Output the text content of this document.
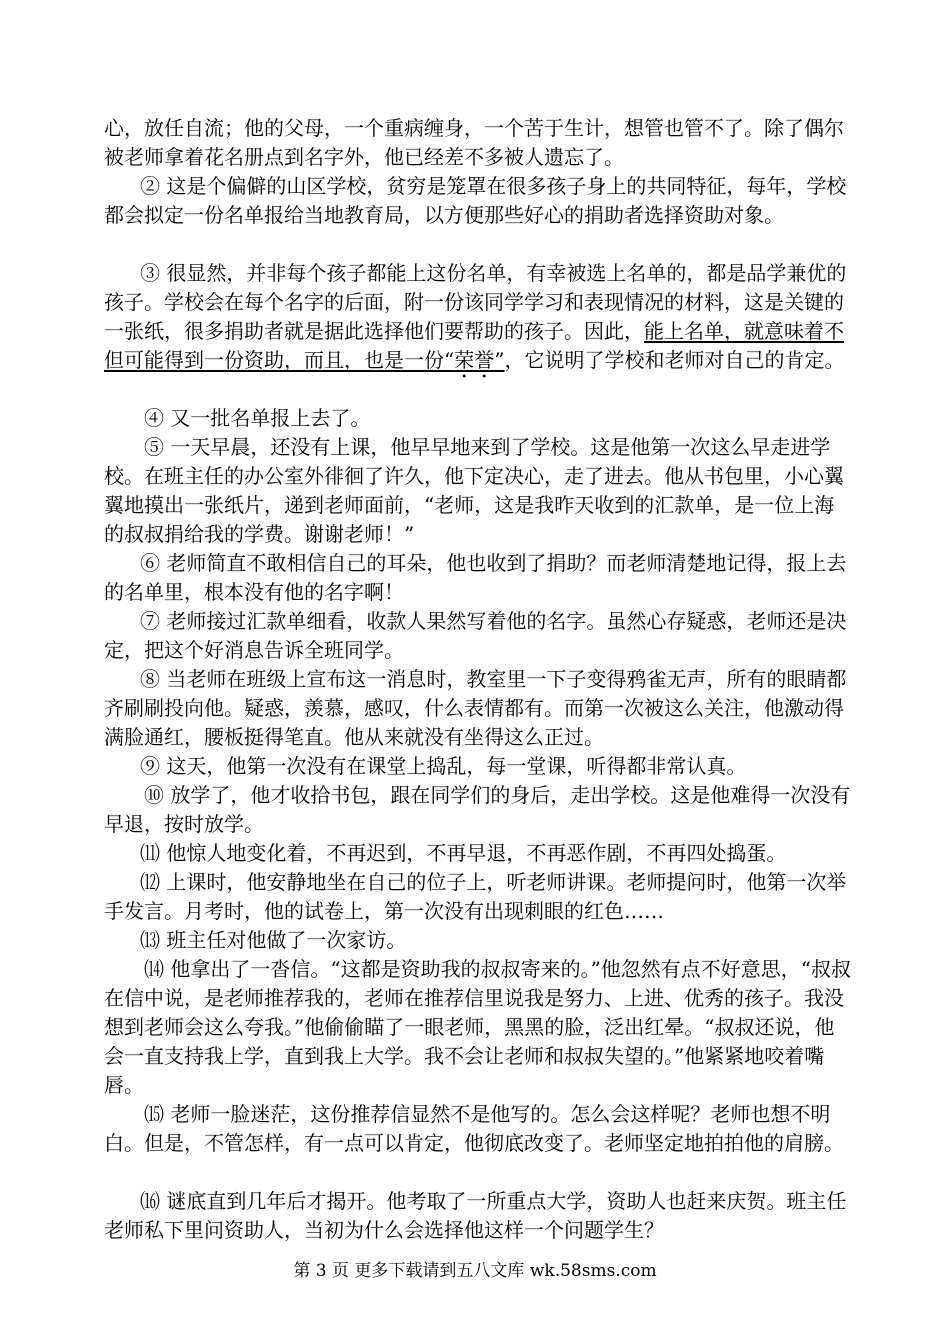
心，放任自流；他的父母，一个重病缠身，一个苦于生计，想管也管不了。除了偶尔被老师拿着花名册点到名字外，他已经差不多被人遗忘了。

② 这是个偏僻的山区学校，贫穷是笼罩在很多孩子身上的共同特征，每年，学校都会拟定一份名单报给当地教育局，以方便那些好心的捐助者选择资助对象。

③ 很显然，并非每个孩子都能上这份名单，有幸被选上名单的，都是品学兼优的孩子。学校会在每个名字的后面，附一份该同学学习和表现情况的材料，这是关键的一张纸，很多捐助者就是据此选择他们要帮助的孩子。因此，能上名单，就意味着不但可能得到一份资助，而且，也是一份“荣誉”，它说明了学校和老师对自己的肯定。

④ 又一批名单报上去了。

⑤ 一天早晨，还没有上课，他早早地来到了学校。这是他第一次这么早走进学校。在班主任的办公室外徘徊了许久，他下定决心，走了进去。他从书包里，小心翼翼地摸出一张纸片，递到老师面前，“老师，这是我昨天收到的汇款单，是一位上海的叔叔捐给我的学费。谢谢老师！”

⑥ 老师简直不敢相信自己的耳朵，他也收到了捐助？而老师清楚地记得，报上去的名单里，根本没有他的名字啊！

⑦ 老师接过汇款单细看，收款人果然写着他的名字。虽然心存疑惑，老师还是决定，把这个好消息告诉全班同学。

⑧ 当老师在班级上宣布这一消息时，教室里一下子变得鸦雀无声，所有的眼睛都齐刷刷投向他。疑惑，羡慕，感叹，什么表情都有。而第一次被这么关注，他激动得满脸通红，腰板挺得笔直。他从来就没有坐得这么正过。

⑨ 这天，他第一次没有在课堂上捣乱，每一堂课，听得都非常认真。

⑩ 放学了，他才收拾书包，跟在同学们的身后，走出学校。这是他难得一次没有早退，按时放学。

⑾ 他惊人地变化着，不再迟到，不再早退，不再恶作剧，不再四处捣蛋。

⑿ 上课时，他安静地坐在自己的位子上，听老师讲课。老师提问时，他第一次举手发言。月考时，他的试卷上，第一次没有出现刺眼的红色……

⒀ 班主任对他做了一次家访。

⒁ 他拿出了一沓信。“这都是资助我的叔叔寄来的。”他忽然有点不好意思，“叔叔在信中说，是老师推荐我的，老师在推荐信里说我是努力、上进、优秀的孩子。我没想到老师会这么夸我。”他偷偷瞄了一眼老师，黑黑的脸，泛出红晕。“叔叔还说，他会一直支持我上学，直到我上大学。我不会让老师和叔叔失望的。”他紧紧地咬着嘴唇。

⒂ 老师一脸迷茫，这份推荐信显然不是他写的。怎么会这样呢？老师也想不明白。但是，不管怎样，有一点可以肯定，他彻底改变了。老师坚定地拍拍他的肩膀。

⒃ 谜底直到几年后才揭开。他考取了一所重点大学，资助人也赶来庆贺。班主任老师私下里问资助人，当初为什么会选择他这样一个问题学生？

第 3 页 更多下载请到五八文库 wk.58sms.com
